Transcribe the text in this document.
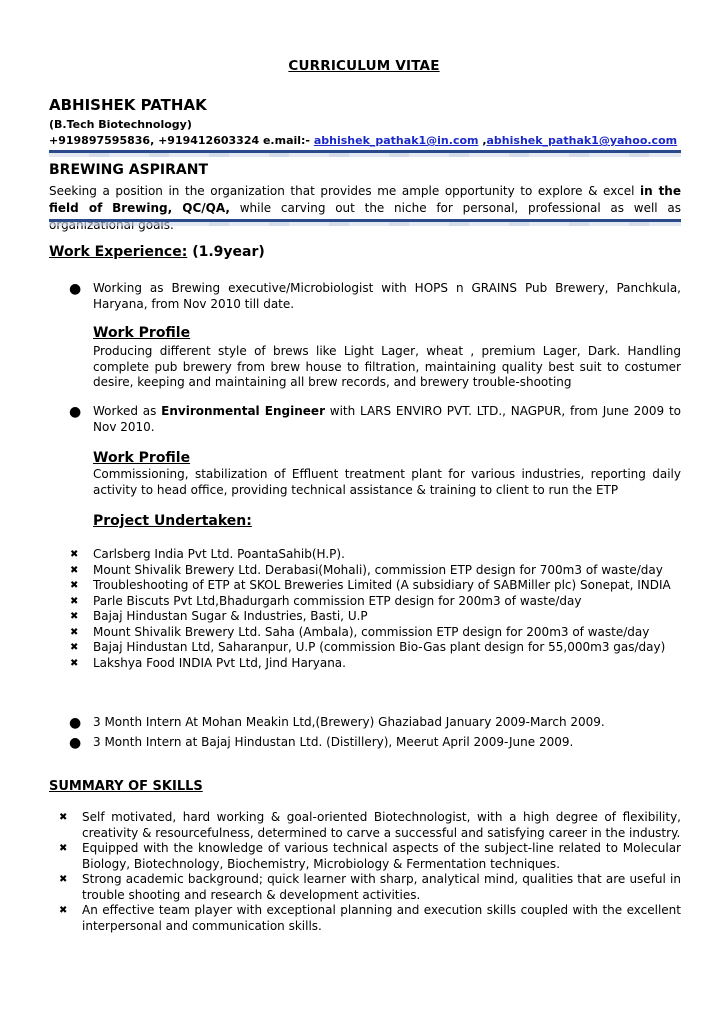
CURRICULUM VITAE
ABHISHEK PATHAK
(B.Tech Biotechnology)
+919897595836, +919412603324 e.mail:- abhishek_pathak1@in.com ,abhishek_pathak1@yahoo.com
BREWING ASPIRANT
Seeking a position in the organization that provides me ample opportunity to explore & excel in the field of Brewing, QC/QA, while carving out the niche for personal, professional as well as
Work Experience: (1.9year)
● Working as Brewing executive/Microbiologist with HOPS n GRAINS Pub Brewery, Panchkula, Haryana, from Nov 2010 till date.
Work Profile
Producing different style of brews like Light Lager, wheat , premium Lager, Dark. Handling complete pub brewery from brew house to filtration, maintaining quality best suit to costumer desire, keeping and maintaining all brew records, and brewery trouble-shooting
● Worked as Environmental Engineer with LARS ENVIRO PVT. LTD., NAGPUR, from June 2009 to Nov 2010.
Work Profile
Commissioning, stabilization of Effluent treatment plant for various industries, reporting daily activity to head office, providing technical assistance & training to client to run the ETP
Project Undertaken:
✖ Carlsberg India Pvt Ltd. PoantaSahib(H.P).
✖ Mount Shivalik Brewery Ltd. Derabasi(Mohali), commission ETP design for 700m3 of waste/day
✖ Troubleshooting of ETP at SKOL Breweries Limited (A subsidiary of SABMiller plc) Sonepat, INDIA
✖ Parle Biscuts Pvt Ltd,Bhadurgarh commission ETP design for 200m3 of waste/day
✖ Bajaj Hindustan Sugar & Industries, Basti, U.P
✖ Mount Shivalik Brewery Ltd. Saha (Ambala), commission ETP design for 200m3 of waste/day
✖ Bajaj Hindustan Ltd, Saharanpur, U.P (commission Bio-Gas plant design for 55,000m3 gas/day)
✖ Lakshya Food INDIA Pvt Ltd, Jind Haryana.
● 3 Month Intern At Mohan Meakin Ltd,(Brewery) Ghaziabad January 2009-March 2009.
● 3 Month Intern at Bajaj Hindustan Ltd. (Distillery), Meerut April 2009-June 2009.
SUMMARY OF SKILLS
✖ Self motivated, hard working & goal-oriented Biotechnologist, with a high degree of flexibility, creativity & resourcefulness, determined to carve a successful and satisfying career in the industry.
✖ Equipped with the knowledge of various technical aspects of the subject-line related to Molecular Biology, Biotechnology, Biochemistry, Microbiology & Fermentation techniques.
✖ Strong academic background; quick learner with sharp, analytical mind, qualities that are useful in trouble shooting and research & development activities.
✖ An effective team player with exceptional planning and execution skills coupled with the excellent interpersonal and communication skills.
